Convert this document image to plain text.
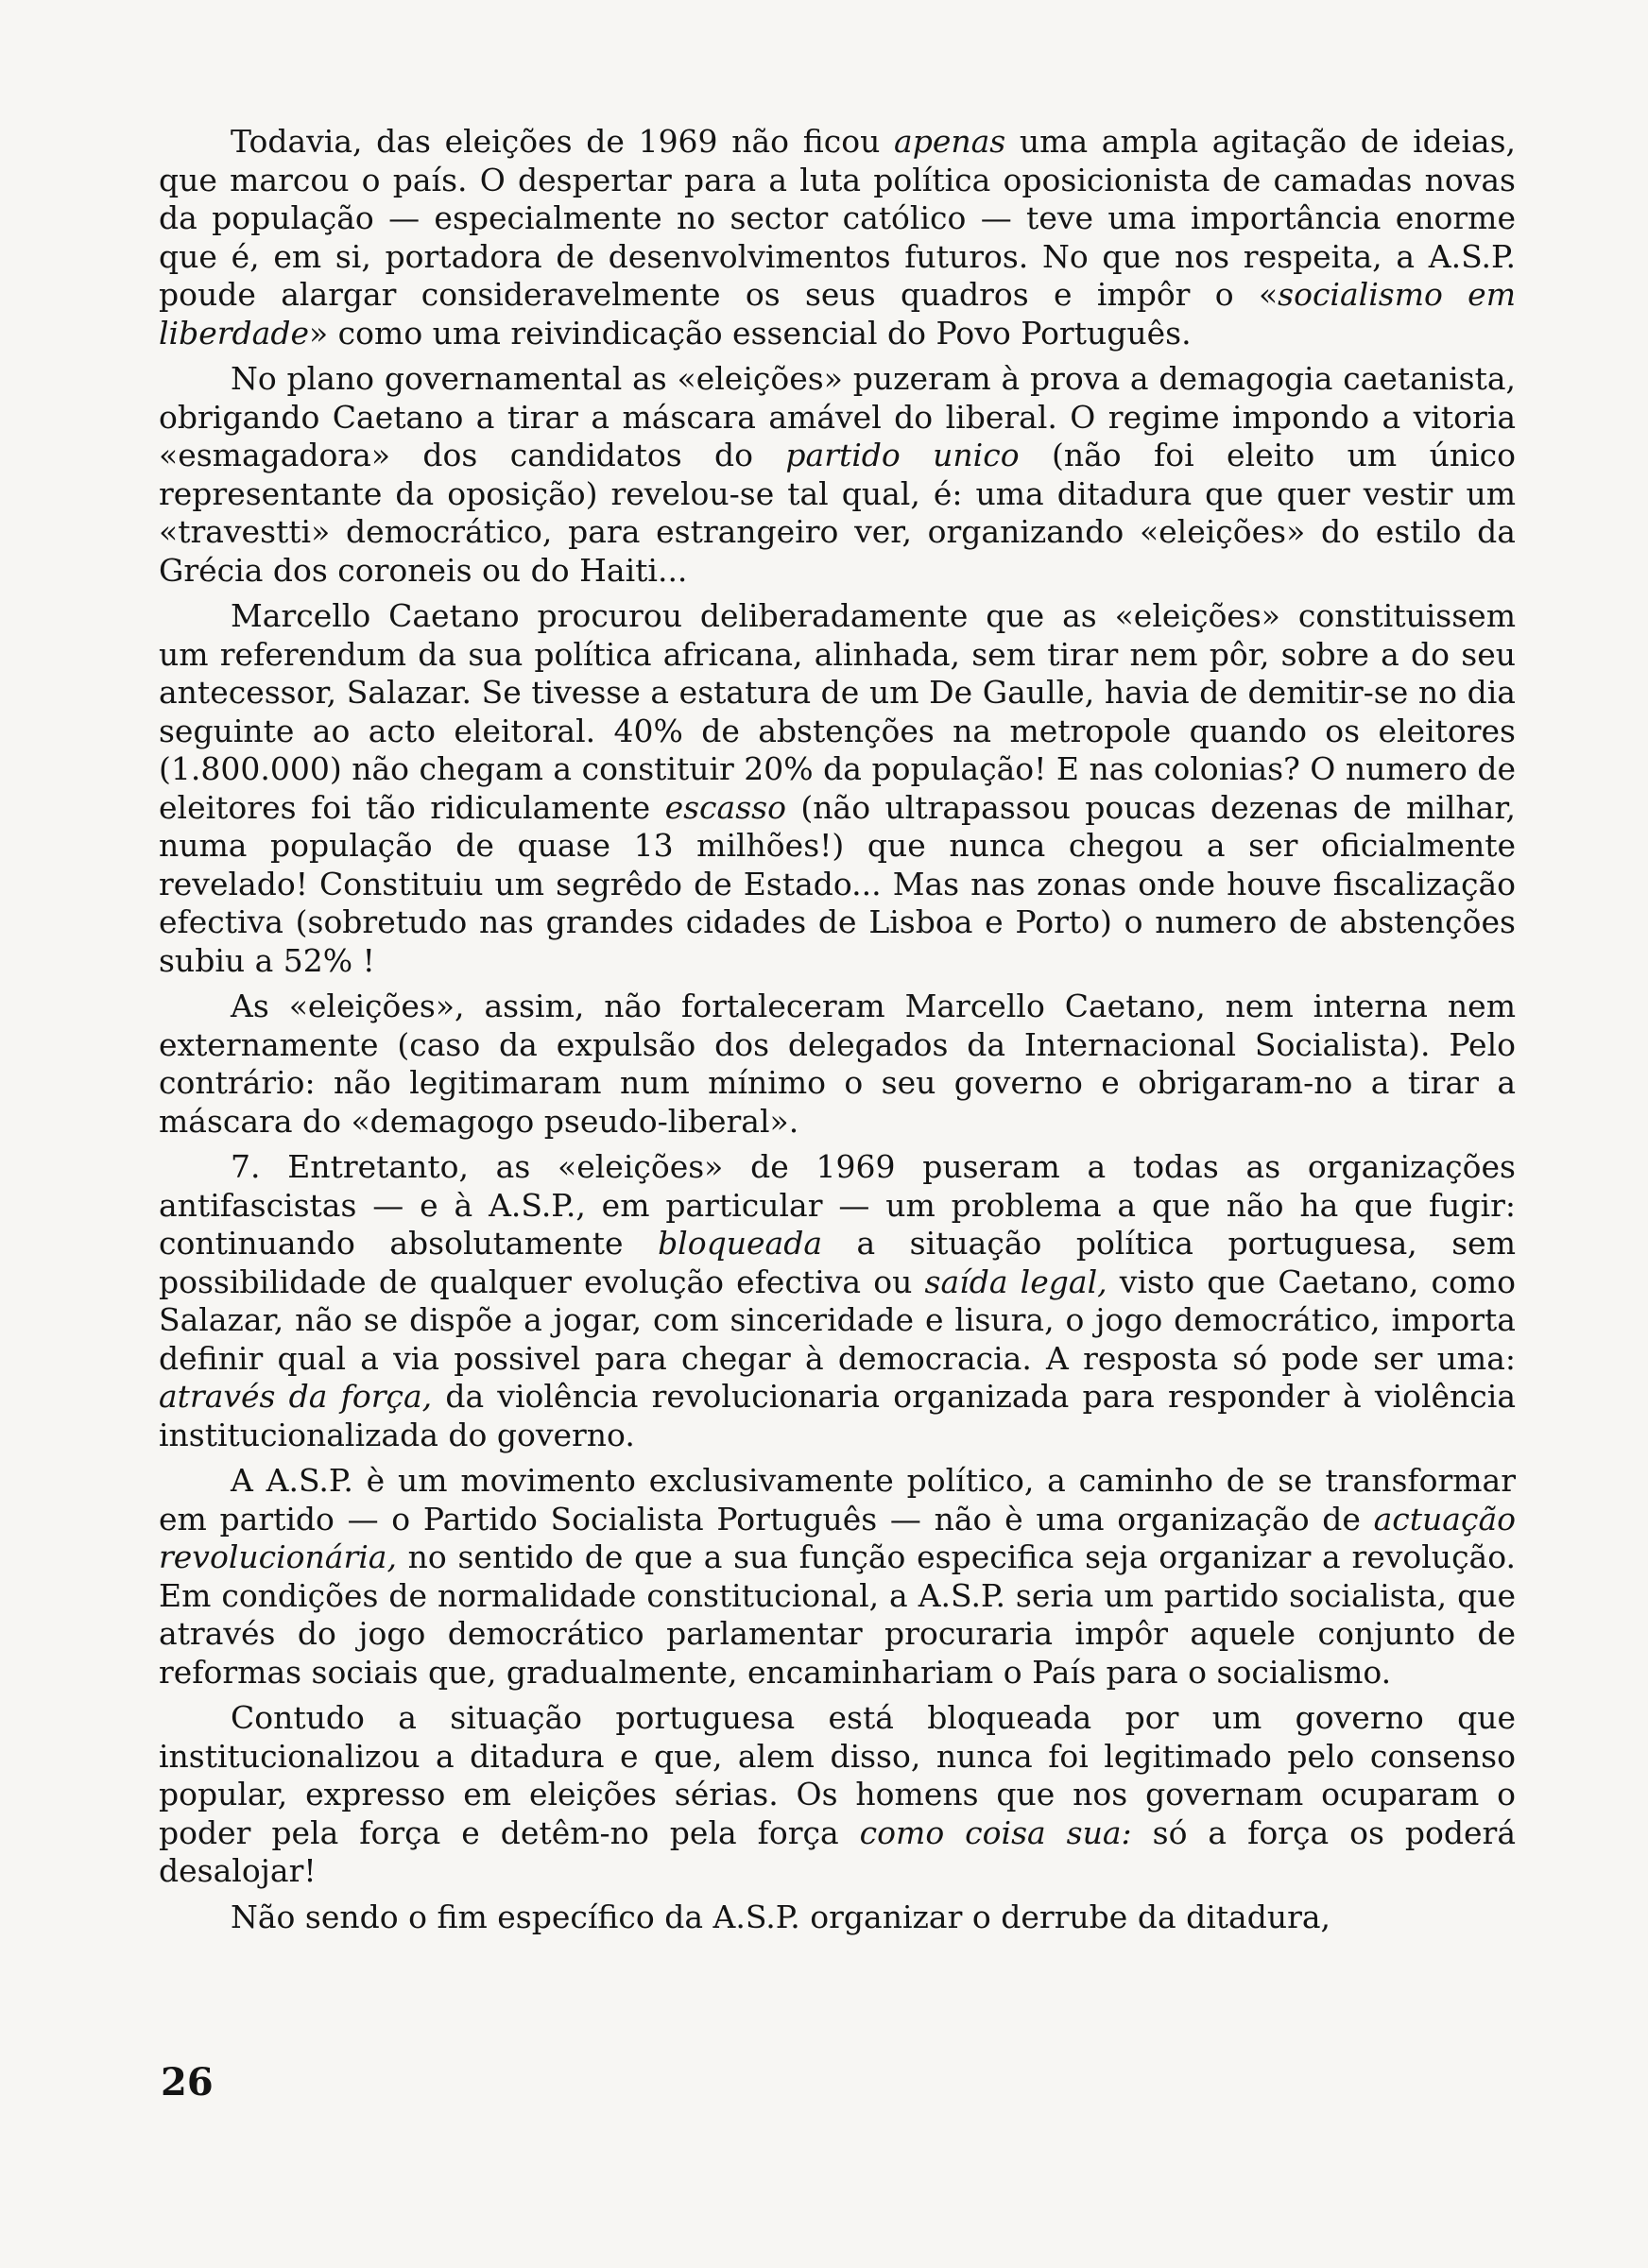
Todavia, das eleições de 1969 não ficou apenas uma ampla agitação de ideias, que marcou o país. O despertar para a luta política oposicionista de camadas novas da população — especialmente no sector católico — teve uma importância enorme que é, em si, portadora de desenvolvimentos futuros. No que nos respeita, a A.S.P. poude alargar consideravelmente os seus quadros e impôr o «socialismo em liberdade» como uma reivindicação essencial do Povo Português.

No plano governamental as «eleições» puzeram à prova a demagogia caetanista, obrigando Caetano a tirar a máscara amável do liberal. O regime impondo a vitoria «esmagadora» dos candidatos do partido unico (não foi eleito um único representante da oposição) revelou-se tal qual, é: uma ditadura que quer vestir um «travestti» democrático, para estrangeiro ver, organizando «eleições» do estilo da Grécia dos coroneis ou do Haiti...

Marcello Caetano procurou deliberadamente que as «eleições» constituissem um referendum da sua política africana, alinhada, sem tirar nem pôr, sobre a do seu antecessor, Salazar. Se tivesse a estatura de um De Gaulle, havia de demitir-se no dia seguinte ao acto eleitoral. 40% de abstenções na metropole quando os eleitores (1.800.000) não chegam a constituir 20% da população! E nas colonias? O numero de eleitores foi tão ridiculamente escasso (não ultrapassou poucas dezenas de milhar, numa população de quase 13 milhões!) que nunca chegou a ser oficialmente revelado! Constituiu um segrêdo de Estado... Mas nas zonas onde houve fiscalização efectiva (sobretudo nas grandes cidades de Lisboa e Porto) o numero de abstenções subiu a 52% !

As «eleições», assim, não fortaleceram Marcello Caetano, nem interna nem externamente (caso da expulsão dos delegados da Internacional Socialista). Pelo contrário: não legitimaram num mínimo o seu governo e obrigaram-no a tirar a máscara do «demagogo pseudo-liberal».

7. Entretanto, as «eleições» de 1969 puseram a todas as organizações antifascistas — e à A.S.P., em particular — um problema a que não ha que fugir: continuando absolutamente bloqueada a situação política portuguesa, sem possibilidade de qualquer evolução efectiva ou saída legal, visto que Caetano, como Salazar, não se dispõe a jogar, com sinceridade e lisura, o jogo democrático, importa definir qual a via possivel para chegar à democracia. A resposta só pode ser uma: através da força, da violência revolucionaria organizada para responder à violência institucionalizada do governo.

A A.S.P. è um movimento exclusivamente político, a caminho de se transformar em partido — o Partido Socialista Português — não è uma organização de actuação revolucionária, no sentido de que a sua função especifica seja organizar a revolução. Em condições de normalidade constitucional, a A.S.P. seria um partido socialista, que através do jogo democrático parlamentar procuraria impôr aquele conjunto de reformas sociais que, gradualmente, encaminhariam o País para o socialismo.

Contudo a situação portuguesa está bloqueada por um governo que institucionalizou a ditadura e que, alem disso, nunca foi legitimado pelo consenso popular, expresso em eleições sérias. Os homens que nos governam ocuparam o poder pela força e detêm-no pela força como coisa sua: só a força os poderá desalojar!

Não sendo o fim específico da A.S.P. organizar o derrube da ditadura,

26
